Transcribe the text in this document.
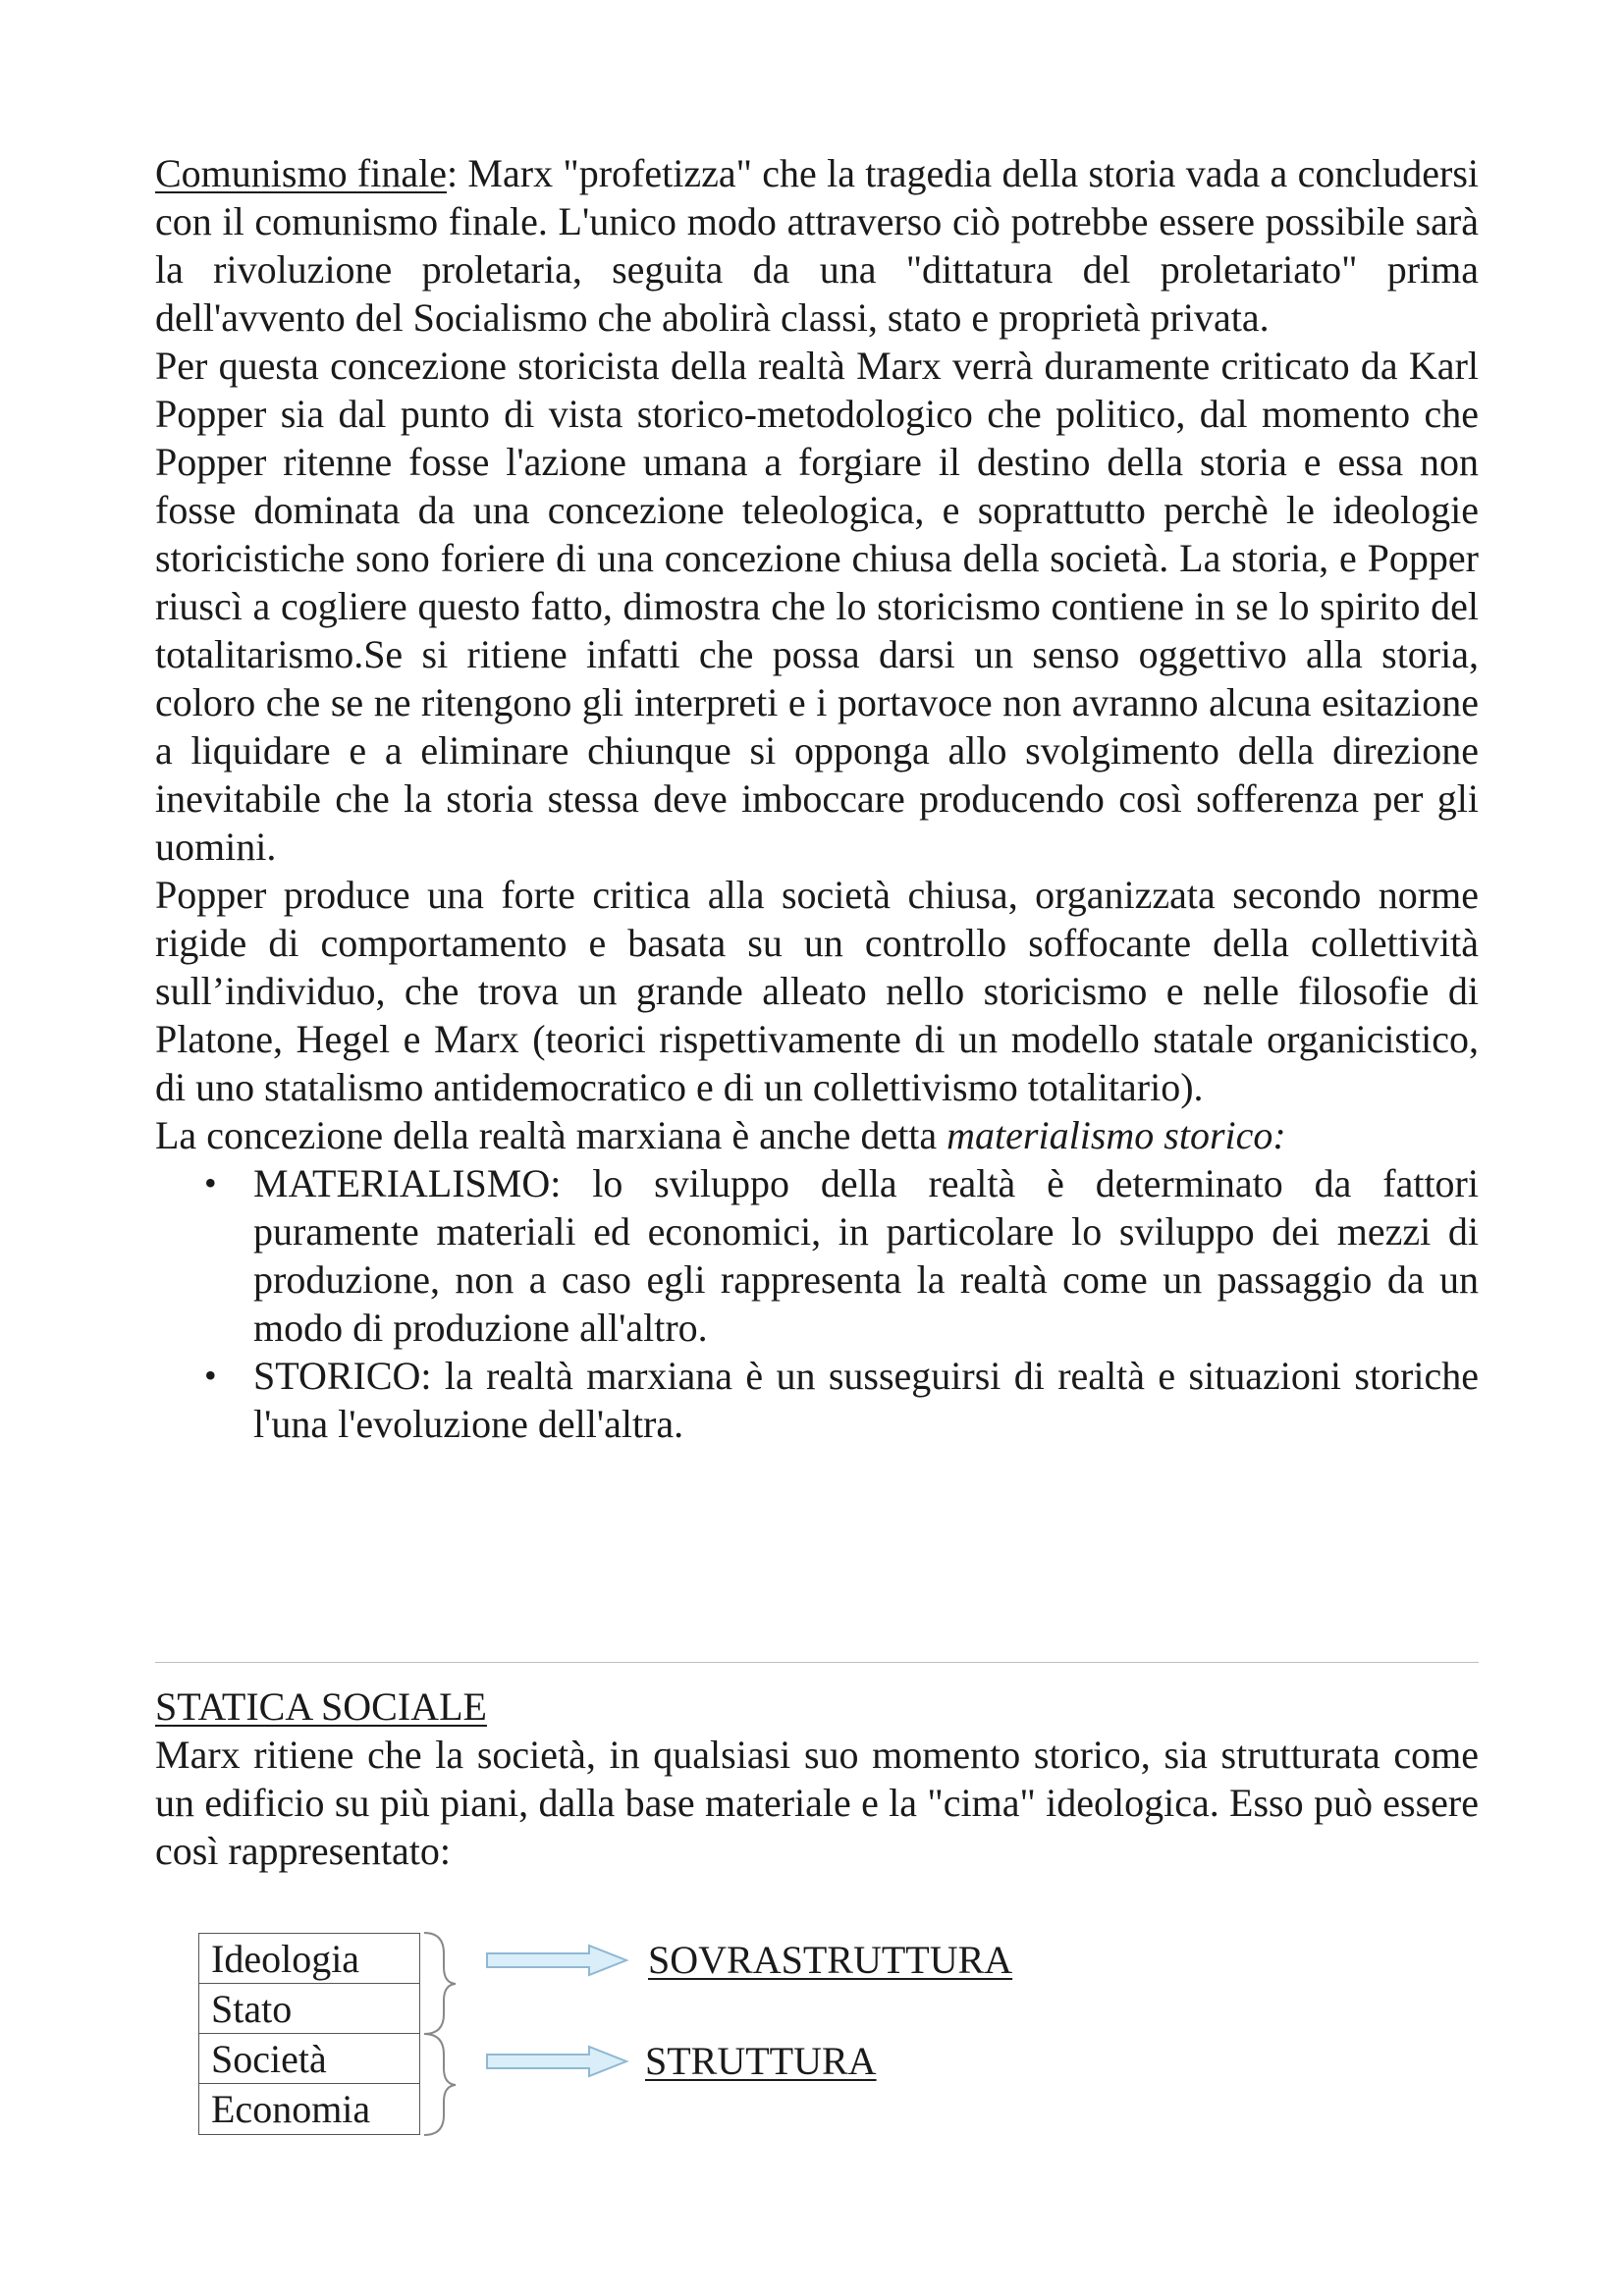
Comunismo finale: Marx "profetizza" che la tragedia della storia vada a concludersi con il comunismo finale. L'unico modo attraverso ciò potrebbe essere possibile sarà la rivoluzione proletaria, seguita da una "dittatura del proletariato" prima dell'avvento del Socialismo che abolirà classi, stato e proprietà privata.

Per questa concezione storicista della realtà Marx verrà duramente criticato da Karl Popper sia dal punto di vista storico-metodologico che politico, dal momento che Popper ritenne fosse l'azione umana a forgiare il destino della storia e essa non fosse dominata da una concezione teleologica, e soprattutto perchè le ideologie storicistiche sono foriere di una concezione chiusa della società. La storia, e Popper riuscì a cogliere questo fatto, dimostra che lo storicismo contiene in se lo spirito del totalitarismo.Se si ritiene infatti che possa darsi un senso oggettivo alla storia, coloro che se ne ritengono gli interpreti e i portavoce non avranno alcuna esitazione a liquidare e a eliminare chiunque si opponga allo svolgimento della direzione inevitabile che la storia stessa deve imboccare producendo così sofferenza per gli uomini.

Popper produce una forte critica alla società chiusa, organizzata secondo norme rigide di comportamento e basata su un controllo soffocante della collettività sull’individuo, che trova un grande alleato nello storicismo e nelle filosofie di Platone, Hegel e Marx (teorici rispettivamente di un modello statale organicistico, di uno statalismo antidemocratico e di un collettivismo totalitario).

La concezione della realtà marxiana è anche detta materialismo storico:

• MATERIALISMO: lo sviluppo della realtà è determinato da fattori puramente materiali ed economici, in particolare lo sviluppo dei mezzi di produzione, non a caso egli rappresenta la realtà come un passaggio da un modo di produzione all'altro.
• STORICO: la realtà marxiana è un susseguirsi di realtà e situazioni storiche l'una l'evoluzione dell'altra.

STATICA SOCIALE

Marx ritiene che la società, in qualsiasi suo momento storico, sia strutturata come un edificio su più piani, dalla base materiale e la "cima" ideologica. Esso può essere così rappresentato:

Ideologia
Stato
Società
Economia
SOVRASTRUTTURA
STRUTTURA
